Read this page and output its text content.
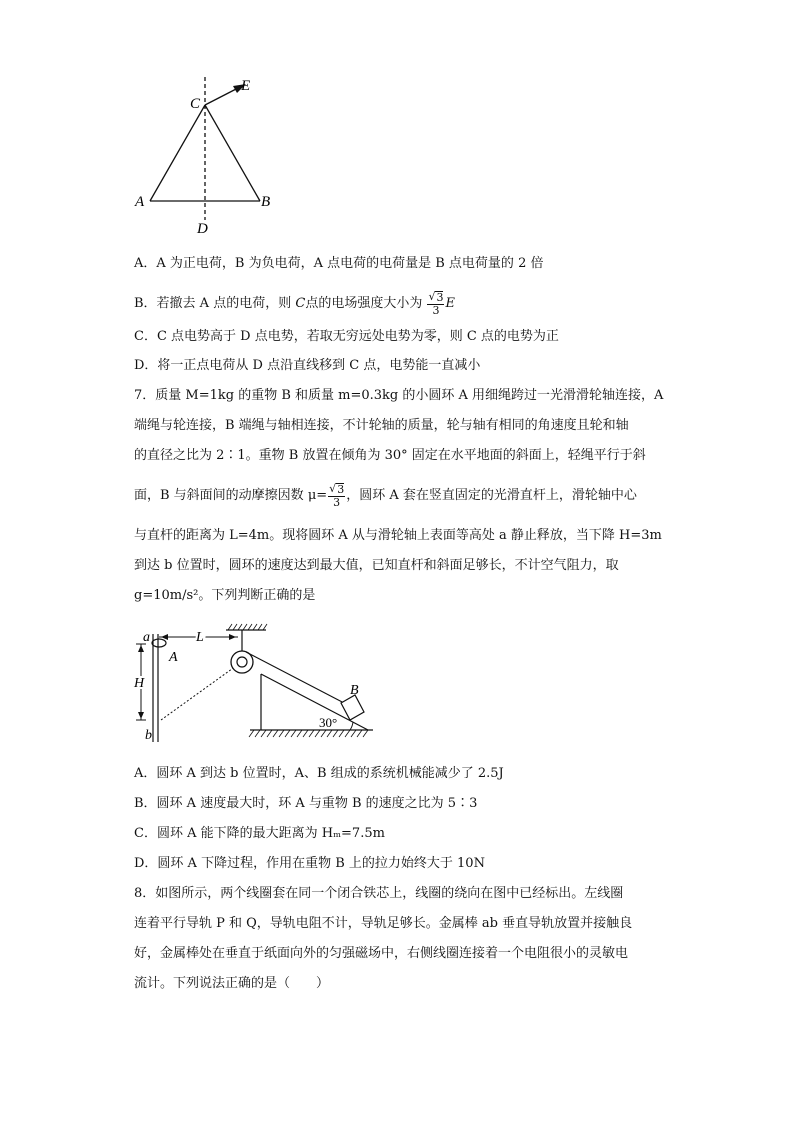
C
E
A	B
D
A．A 为正电荷，B 为负电荷，A 点电荷的电荷量是 B 点电荷量的 2 倍
B．若撤去 A 点的电荷，则 C点的电场强度大小为 $\frac{√ 3}{3}$ E
C．C 点电势高于 D 点电势，若取无穷远处电势为零，则 C 点的电势为正
D．将一正点电荷从 D 点沿直线移到 C 点，电势能一直减小
7．质量 M=1kg 的重物 B 和质量 m=0.3kg 的小圆环 A 用细绳跨过一光滑滑轮轴连接，A
端绳与轮连接，B 端绳与轴相连接，不计轮轴的质量，轮与轴有相同的角速度且轮和轴
的直径之比为 2∶1。重物 B 放置在倾角为 30° 固定在水平地面的斜面上，轻绳平行于斜
面，B 与斜面间的动摩擦因数 $\mu= \frac{√ 3}{3}$ ，圆环 A 套在竖直固定的光滑直杆上，滑轮轴中心
与直杆的距离为 L=4m。现将圆环 A 从与滑轮轴上表面等高处 a 静止释放，当下降 H=3m
到达 b 位置时，圆环的速度达到最大值，已知直杆和斜面足够长，不计空气阻力，取
g=10m/s²。下列判断正确的是
a
A
L
H
b
B
30°
A．圆环 A 到达 b 位置时，A、B 组成的系统机械能减少了 2.5J
B．圆环 A 速度最大时，环 A 与重物 B 的速度之比为 5∶3
C．圆环 A 能下降的最大距离为 Hₘ=7.5m
D．圆环 A 下降过程，作用在重物 B 上的拉力始终大于 10N
8．如图所示，两个线圈套在同一个闭合铁芯上，线圈的绕向在图中已经标出。左线圈
连着平行导轨 P 和 Q，导轨电阻不计，导轨足够长。金属棒 ab 垂直导轨放置并接触良
好，金属棒处在垂直于纸面向外的匀强磁场中，右侧线圈连接着一个电阻很小的灵敏电
流计。下列说法正确的是（　　）
